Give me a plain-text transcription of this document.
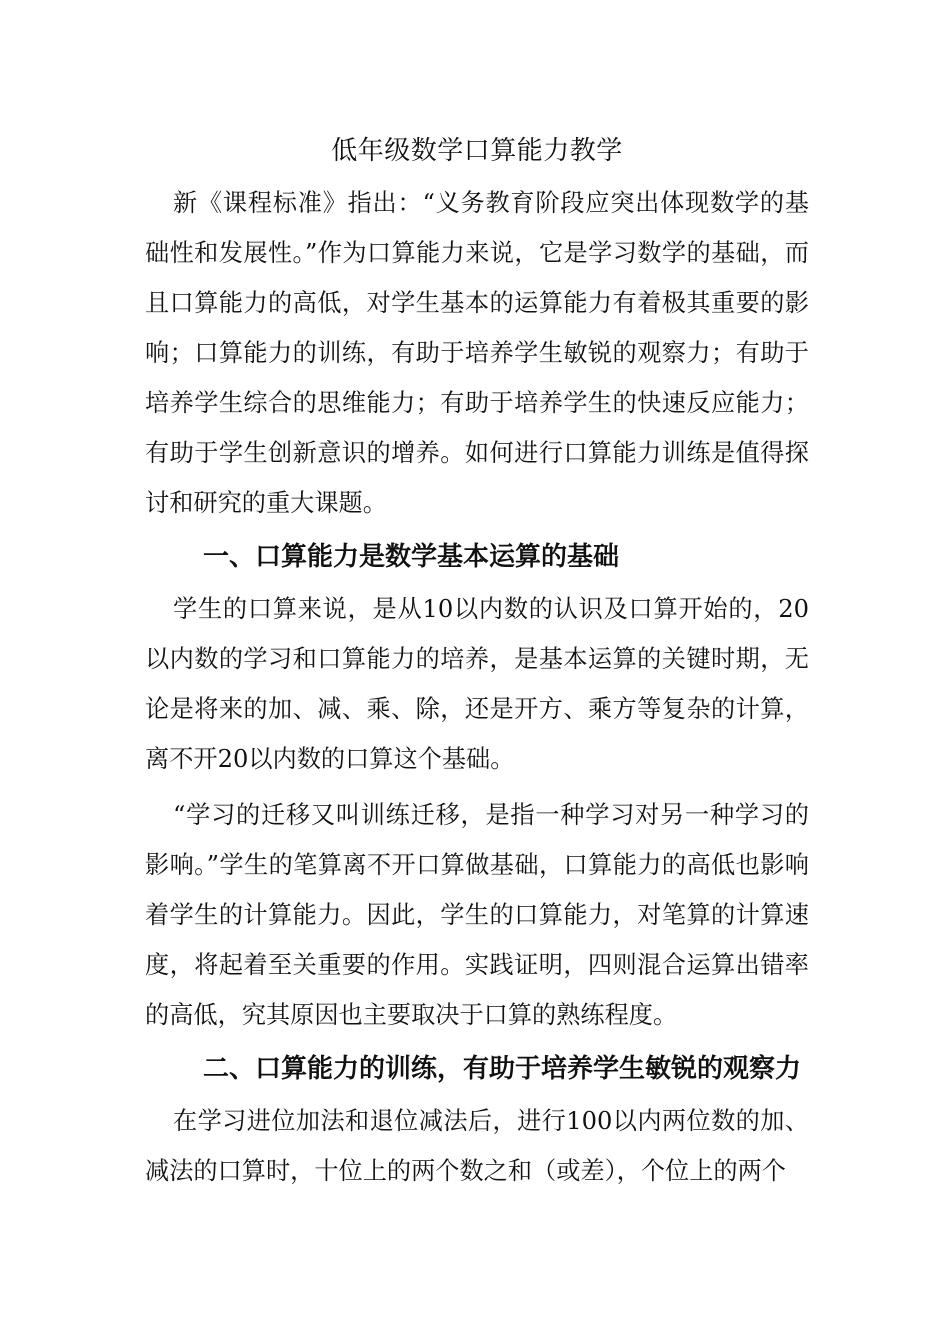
低年级数学口算能力教学

新《课程标准》指出：“义务教育阶段应突出体现数学的基础性和发展性。”作为口算能力来说，它是学习数学的基础，而且口算能力的高低，对学生基本的运算能力有着极其重要的影响；口算能力的训练，有助于培养学生敏锐的观察力；有助于培养学生综合的思维能力；有助于培养学生的快速反应能力；有助于学生创新意识的增养。如何进行口算能力训练是值得探讨和研究的重大课题。

一、口算能力是数学基本运算的基础

学生的口算来说，是从10以内数的认识及口算开始的，20以内数的学习和口算能力的培养，是基本运算的关键时期，无论是将来的加、减、乘、除，还是开方、乘方等复杂的计算，离不开20以内数的口算这个基础。

“学习的迁移又叫训练迁移，是指一种学习对另一种学习的影响。”学生的笔算离不开口算做基础，口算能力的高低也影响着学生的计算能力。因此，学生的口算能力，对笔算的计算速度，将起着至关重要的作用。实践证明，四则混合运算出错率的高低，究其原因也主要取决于口算的熟练程度。

二、口算能力的训练，有助于培养学生敏锐的观察力

在学习进位加法和退位减法后，进行100以内两位数的加、减法的口算时，十位上的两个数之和（或差），个位上的两个
